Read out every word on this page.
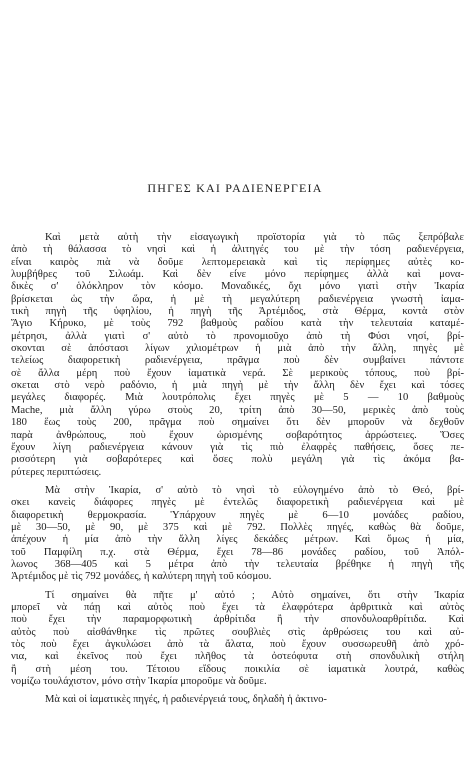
ΠΗΓΕΣ ΚΑΙ ΡΑΔΙΕΝΕΡΓΕΙΑ
Καὶ μετὰ αὐτὴ τὴν εἰσαγωγικὴ προϊστορία γιὰ τὸ πῶς ξεπρόβαλε
ἀπὸ τὴ θάλασσα τὸ νησὶ καὶ ἡ ἀλιτηγές του μὲ τὴν τόση ραδιενέργεια,
εἶναι καιρὸς πιὰ νὰ δοῦμε λεπτομερειακὰ καὶ τὶς περίφημες αὐτὲς κο-
λυμβήθρες τοῦ Σιλωάμ. Καὶ δὲν εἶνε μόνο περίφημες ἀλλὰ καὶ μονα-
δικὲς σ' ὁλόκληρον τὸν κόσμο. Μοναδικές, ὄχι μόνο γιατὶ στὴν Ἰκαρία
βρίσκεται ὡς τὴν ὥρα, ἡ μὲ τὴ μεγαλύτερη ραδιενέργεια γνωστὴ ἰαμα-
τικὴ πηγὴ τῆς ὑφηλίου, ἡ πηγὴ τῆς Ἀρτέμιδος, στὰ Θέρμα, κοντὰ στὸν
Ἅγιο Κήρυκο, μὲ τοὺς 792 βαθμοὺς ραδίου κατὰ τὴν τελευταία καταμέ-
μέτρησι, ἀλλὰ γιατὶ σ' αὐτὸ τὸ προνομιοῦχο ἀπὸ τὴ Φύσι νησί, βρί-
σκονται σὲ ἀπόστασι λίγων χιλιομέτρων ἡ μιὰ ἀπὸ τὴν ἄλλη, πηγὲς μὲ
τελείως διαφορετικὴ ραδιενέργεια, πρᾶγμα ποὺ δὲν συμβαίνει πάντοτε
σὲ ἄλλα μέρη ποὺ ἔχουν ἰαματικὰ νερά. Σὲ μερικοὺς τόπους, ποὺ βρί-
σκεται στὸ νερὸ ραδόνιο, ἡ μιὰ πηγὴ μὲ τὴν ἄλλη δὲν ἔχει καὶ τόσες
μεγάλες διαφορές. Μιὰ λουτρόπολις ἔχει πηγὲς μὲ 5 — 10 βαθμοὺς
Mache, μιὰ ἄλλη γύρω στοὺς 20, τρίτη ἀπὸ 30—50, μερικὲς ἀπὸ τοὺς
180 ἕως τοὺς 200, πρᾶγμα ποὺ σημαίνει ὅτι δὲν μποροῦν νὰ δεχθοῦν
παρὰ ἀνθρώπους, ποὺ ἔχουν ὡρισμένης σοβαρότητος ἀρρώστειες. Ὅσες
ἔχουν λίγη ραδιενέργεια κάνουν γιὰ τὶς πιὸ ἐλαφρὲς παθήσεις, ὅσες πε-
ρισσότερη γιὰ σοβαρότερες καὶ ὅσες πολὺ μεγάλη γιὰ τὶς ἀκόμα βα-
ρύτερες περιπτώσεις.
Μὰ στὴν Ἰκαρία, σ' αὐτὸ τὸ νησὶ τὸ εὐλογημένο ἀπὸ τὸ Θεό, βρί-
σκει κανεὶς διάφορες πηγὲς μὲ ἐντελῶς διαφορετικὴ ραδιενέργεια καὶ μὲ
διαφορετικὴ θερμοκρασία. Ὑπάρχουν πηγὲς μὲ 6—10 μονάδες ραδίου,
μὲ 30—50, μὲ 90, μὲ 375 καὶ μὲ 792. Πολλὲς πηγές, καθὼς θὰ δοῦμε,
ἀπέχουν ἡ μία ἀπὸ τὴν ἄλλη λίγες δεκάδες μέτρων. Καὶ ὅμως ἡ μία,
τοῦ Παμφίλη π.χ. στὰ Θέρμα, ἔχει 78—86 μονάδες ραδίου, τοῦ Ἀπόλ-
λωνος 368—405 καὶ 5 μέτρα ἀπὸ τὴν τελευταία βρέθηκε ἡ πηγὴ τῆς
Ἀρτέμιδος μὲ τὶς 792 μονάδες, ἡ καλύτερη πηγὴ τοῦ κόσμου.
Τί σημαίνει θὰ πῆτε μ' αὐτό ; Αὐτὸ σημαίνει, ὅτι στὴν Ἰκαρία
μπορεῖ νὰ πάῃ καὶ αὐτὸς ποὺ ἔχει τὰ ἐλαφρότερα ἀρθριτικὰ καὶ αὐτὸς
ποὺ ἔχει τὴν παραμορφωτικὴ ἀρθρίτιδα ἢ τὴν σπονδυλοαρθρίτιδα. Καὶ
αὐτὸς ποὺ αἰσθάνθηκε τὶς πρῶτες σουβλιὲς στὶς ἀρθρώσεις του καὶ αὐ-
τὸς ποὺ ἔχει ἀγκυλώσει ἀπὸ τὰ ἄλατα, ποὺ ἔχουν συσσωρευθῆ ἀπὸ χρό-
νια, καὶ ἐκεῖνος ποὺ ἔχει πλῆθος τὰ ὀστεόφυτα στὴ σπονδυλικὴ στήλη
ἢ στὴ μέση του. Τέτοιου εἴδους ποικιλία σὲ ἰαματικὰ λουτρά, καθὼς
νομίζω τουλάχιστον, μόνο στὴν Ἰκαρία μποροῦμε νὰ δοῦμε.
Μὰ καὶ οἱ ἰαματικὲς πηγές, ἡ ραδιενέργειά τους, δηλαδὴ ἡ ἀκτινο-
